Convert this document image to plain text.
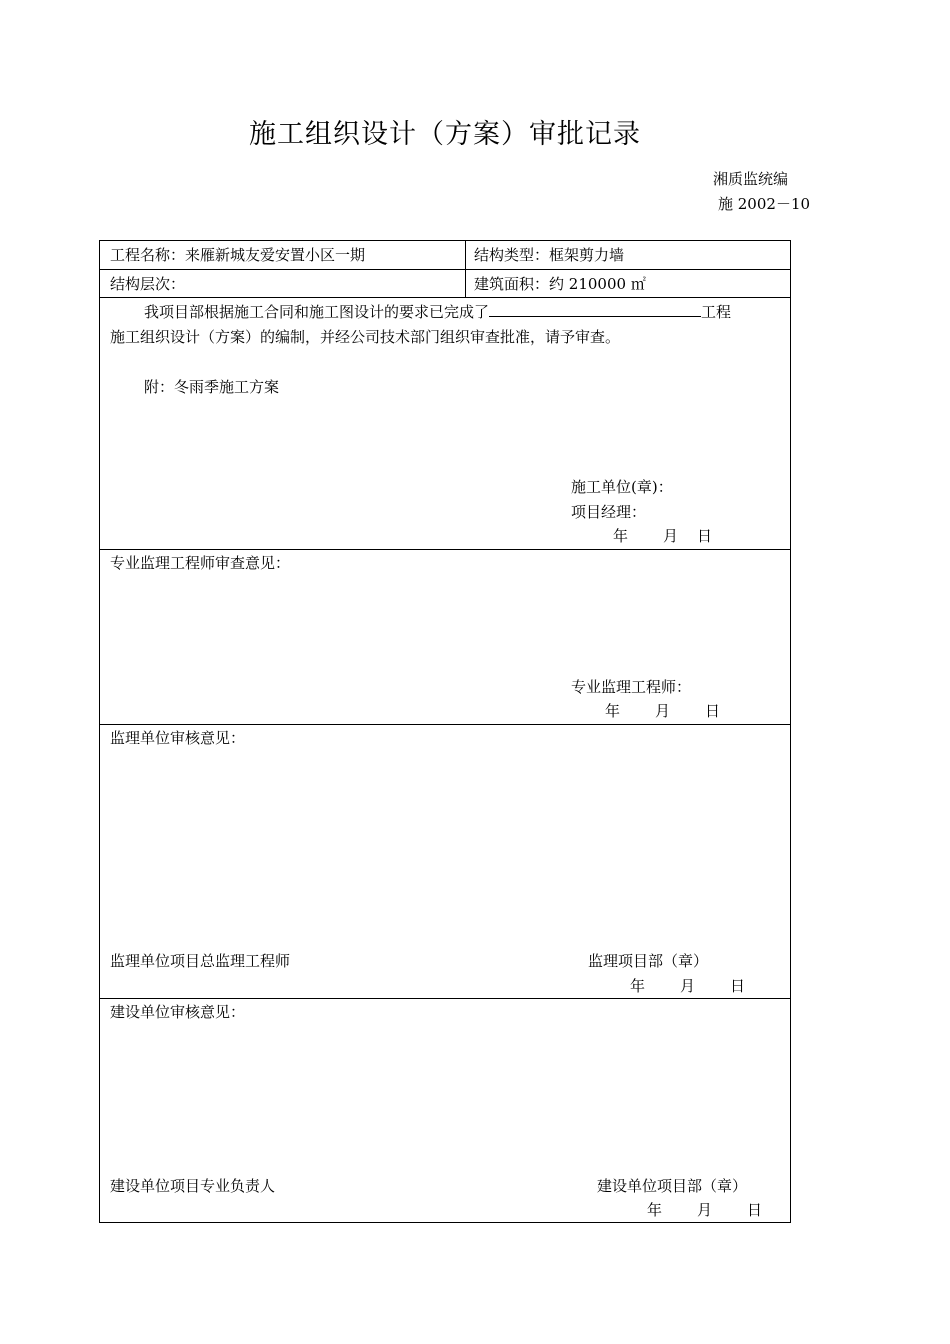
施工组织设计（方案）审批记录
湘质监统编
施 2002－10
工程名称：来雁新城友爱安置小区一期	结构类型：框架剪力墙
结构层次：	建筑面积：约 210000 ㎡
我项目部根据施工合同和施工图设计的要求已完成了	工程
施工组织设计（方案）的编制，并经公司技术部门组织审查批准，请予审查。
附：冬雨季施工方案
施工单位(章)：
项目经理：
年 月 日
专业监理工程师审查意见：
专业监理工程师：
年 月 日
监理单位审核意见：
监理单位项目总监理工程师	监理项目部（章）
年 月 日
建设单位审核意见：
建设单位项目专业负责人	建设单位项目部（章）
年 月 日
